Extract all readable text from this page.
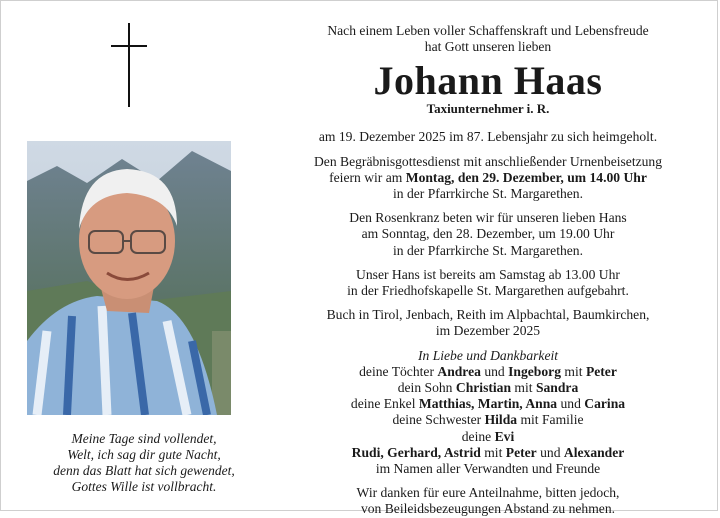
Meine Tage sind vollendet,
Welt, ich sag dir gute Nacht,
denn das Blatt hat sich gewendet,
Gottes Wille ist vollbracht.
Nach einem Leben voller Schaffenskraft und Lebensfreude
hat Gott unseren lieben
Johann Haas
Taxiunternehmer i. R.
am 19. Dezember 2025 im 87. Lebensjahr zu sich heimgeholt.
Den Begräbnisgottesdienst mit anschließender Urnenbeisetzung
feiern wir am Montag, den 29. Dezember, um 14.00 Uhr
in der Pfarrkirche St. Margarethen.
Den Rosenkranz beten wir für unseren lieben Hans
am Sonntag, den 28. Dezember, um 19.00 Uhr
in der Pfarrkirche St. Margarethen.
Unser Hans ist bereits am Samstag ab 13.00 Uhr
in der Friedhofskapelle St. Margarethen aufgebahrt.
Buch in Tirol, Jenbach, Reith im Alpbachtal, Baumkirchen,
im Dezember 2025
In Liebe und Dankbarkeit
deine Töchter Andrea und Ingeborg mit Peter
dein Sohn Christian mit Sandra
deine Enkel Matthias, Martin, Anna und Carina
deine Schwester Hilda mit Familie
deine Evi
Rudi, Gerhard, Astrid mit Peter und Alexander
im Namen aller Verwandten und Freunde
Wir danken für eure Anteilnahme, bitten jedoch,
von Beileidsbezeugungen Abstand zu nehmen.
